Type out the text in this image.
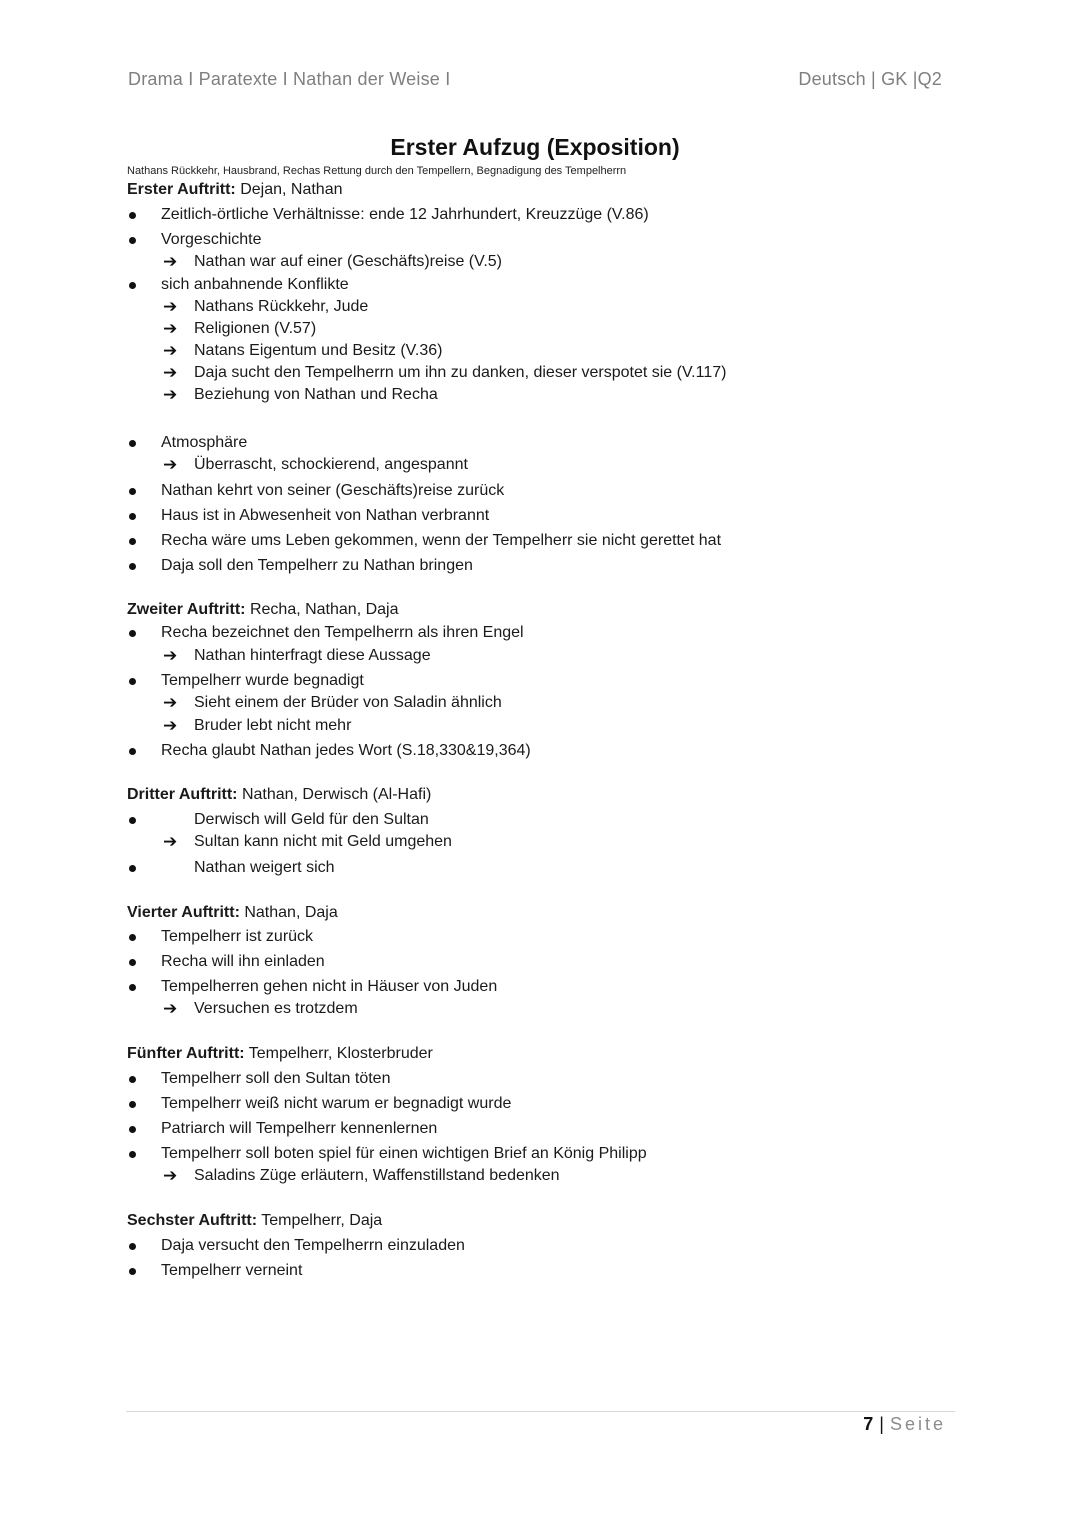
Drama I Paratexte I Nathan der Weise I	Deutsch | GK |Q2
Erster Aufzug (Exposition)
Nathans Rückkehr, Hausbrand, Rechas Rettung durch den Tempellern, Begnadigung des Tempelherrn
Erster Auftritt: Dejan, Nathan
Zeitlich-örtliche Verhältnisse: ende 12 Jahrhundert, Kreuzzüge (V.86)
Vorgeschichte
➔ Nathan war auf einer (Geschäfts)reise (V.5)
sich anbahnende Konflikte
➔ Nathans Rückkehr, Jude
➔ Religionen (V.57)
➔ Natans Eigentum und Besitz (V.36)
➔ Daja sucht den Tempelherrn um ihn zu danken, dieser verspotet sie (V.117)
➔ Beziehung von Nathan und Recha
Atmosphäre
➔ Überrascht, schockierend, angespannt
Nathan kehrt von seiner (Geschäfts)reise zurück
Haus ist in Abwesenheit von Nathan verbrannt
Recha wäre ums Leben gekommen, wenn der Tempelherr sie nicht gerettet hat
Daja soll den Tempelherr zu Nathan bringen
Zweiter Auftritt: Recha, Nathan, Daja
Recha bezeichnet den Tempelherrn als ihren Engel
➔ Nathan hinterfragt diese Aussage
Tempelherr wurde begnadigt
➔ Sieht einem der Brüder von Saladin ähnlich
➔ Bruder lebt nicht mehr
Recha glaubt Nathan jedes Wort (S.18,330&19,364)
Dritter Auftritt: Nathan, Derwisch (Al-Hafi)
Derwisch will Geld für den Sultan
➔ Sultan kann nicht mit Geld umgehen
Nathan weigert sich
Vierter Auftritt: Nathan, Daja
Tempelherr ist zurück
Recha will ihn einladen
Tempelherren gehen nicht in Häuser von Juden
➔ Versuchen es trotzdem
Fünfter Auftritt: Tempelherr, Klosterbruder
Tempelherr soll den Sultan töten
Tempelherr weiß nicht warum er begnadigt wurde
Patriarch will Tempelherr kennenlernen
Tempelherr soll boten spiel für einen wichtigen Brief an König Philipp
➔ Saladins Züge erläutern, Waffenstillstand bedenken
Sechster Auftritt: Tempelherr, Daja
Daja versucht den Tempelherrn einzuladen
Tempelherr verneint
7 | Seite
